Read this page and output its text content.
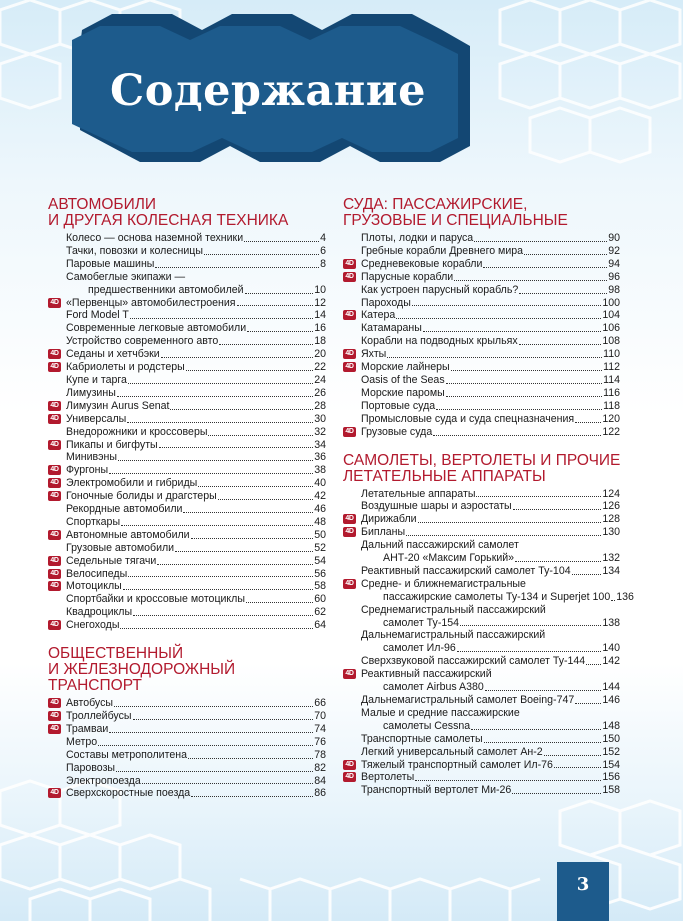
Содержание
АВТОМОБИЛИ
И ДРУГАЯ КОЛЕСНАЯ ТЕХНИКА
Колесо — основа наземной техники	4
Тачки, повозки и колесницы	6
Паровые машины	8
Самобеглые экипажи —
предшественники автомобилей	10
4D «Первенцы» автомобилестроения	12
Ford Model T	14
Современные легковые автомобили	16
Устройство современного авто	18
4D Седаны и хетчбэки	20
4D Кабриолеты и родстеры	22
Купе и тарга	24
Лимузины	26
4D Лимузин Aurus Senat	28
4D Универсалы	30
Внедорожники и кроссоверы	32
4D Пикапы и бигфуты	34
Минивэны	36
4D Фургоны	38
4D Электромобили и гибриды	40
4D Гоночные болиды и драгстеры	42
Рекордные автомобили	46
Спорткары	48
4D Автономные автомобили	50
Грузовые автомобили	52
4D Седельные тягачи	54
4D Велосипеды	56
4D Мотоциклы	58
Спортбайки и кроссовые мотоциклы	60
Квадроциклы	62
4D Снегоходы	64
ОБЩЕСТВЕННЫЙ
И ЖЕЛЕЗНОДОРОЖНЫЙ
ТРАНСПОРТ
4D Автобусы	66
4D Троллейбусы	70
4D Трамваи	74
Метро	76
Составы метрополитена	78
Паровозы	82
Электропоезда	84
4D Сверхскоростные поезда	86
СУДА: ПАССАЖИРСКИЕ,
ГРУЗОВЫЕ И СПЕЦИАЛЬНЫЕ
Плоты, лодки и паруса	90
Гребные корабли Древнего мира	92
4D Средневековые корабли	94
4D Парусные корабли	96
Как устроен парусный корабль?	98
Пароходы	100
4D Катера	104
Катамараны	106
Корабли на подводных крыльях	108
4D Яхты	110
4D Морские лайнеры	112
Oasis of the Seas	114
Морские паромы	116
Портовые суда	118
Промысловые суда и суда спецназначения	120
4D Грузовые суда	122
САМОЛЕТЫ, ВЕРТОЛЕТЫ И ПРОЧИЕ
ЛЕТАТЕЛЬНЫЕ АППАРАТЫ
Летательные аппараты	124
Воздушные шары и аэростаты	126
4D Дирижабли	128
4D Бипланы	130
Дальний пассажирский самолет
АНТ-20 «Максим Горький»	132
Реактивный пассажирский самолет Ту-104	134
4D Средне- и ближнемагистральные
пассажирские самолеты Ту-134 и Superjet 100 136
Среднемагистральный пассажирский
самолет Ту-154	138
Дальнемагистральный пассажирский
самолет Ил-96	140
Сверхзвуковой пассажирский самолет Ту-144 142
4D Реактивный пассажирский
самолет Airbus A380	144
Дальнемагистральный самолет Boeing-747	146
Малые и средние пассажирские
самолеты Cessna	148
Транспортные самолеты	150
Легкий универсальный самолет Ан-2	152
4D Тяжелый транспортный самолет Ил-76	154
4D Вертолеты	156
Транспортный вертолет Ми-26	158
3
